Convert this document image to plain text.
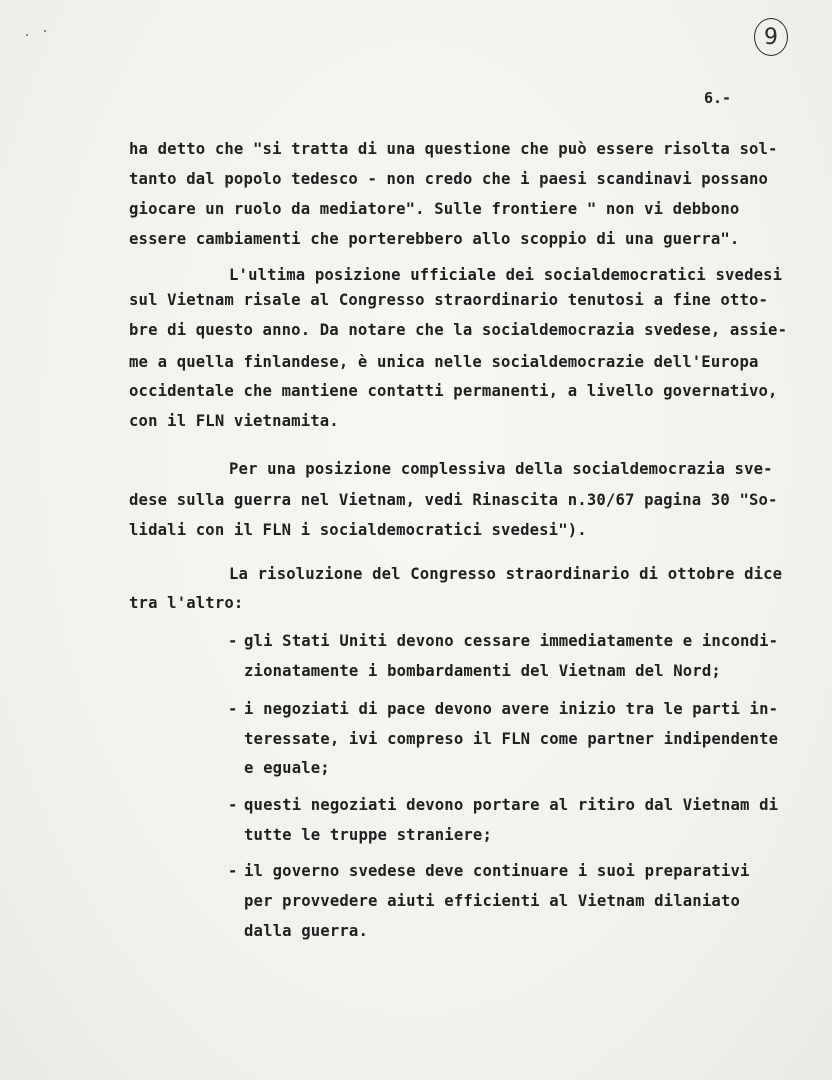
9
6.-
ha detto che "si tratta di una questione che può essere risolta sol-
tanto dal popolo tedesco - non credo che i paesi scandinavi possano
giocare un ruolo da mediatore". Sulle frontiere " non vi debbono
essere cambiamenti che porterebbero allo scoppio di una guerra".
L'ultima posizione ufficiale dei socialdemocratici svedesi
sul Vietnam risale al Congresso straordinario tenutosi a fine otto-
bre di questo anno. Da notare che la socialdemocrazia svedese, assie-
me a quella finlandese, è unica nelle socialdemocrazie dell'Europa
occidentale che mantiene contatti permanenti, a livello governativo,
con il FLN vietnamita.
Per una posizione complessiva della socialdemocrazia sve-
dese sulla guerra nel Vietnam, vedi Rinascita n.30/67 pagina 30 "So-
lidali con il FLN i socialdemocratici svedesi").
La risoluzione del Congresso straordinario di ottobre dice
tra l'altro:
- gli Stati Uniti devono cessare immediatamente e incondi-
zionatamente i bombardamenti del Vietnam del Nord;
- i negoziati di pace devono avere inizio tra le parti in-
teressate, ivi compreso il FLN come partner indipendente
e eguale;
- questi negoziati devono portare al ritiro dal Vietnam di
tutte le truppe straniere;
- il governo svedese deve continuare i suoi preparativi
per provvedere aiuti efficienti al Vietnam dilaniato
dalla guerra.
